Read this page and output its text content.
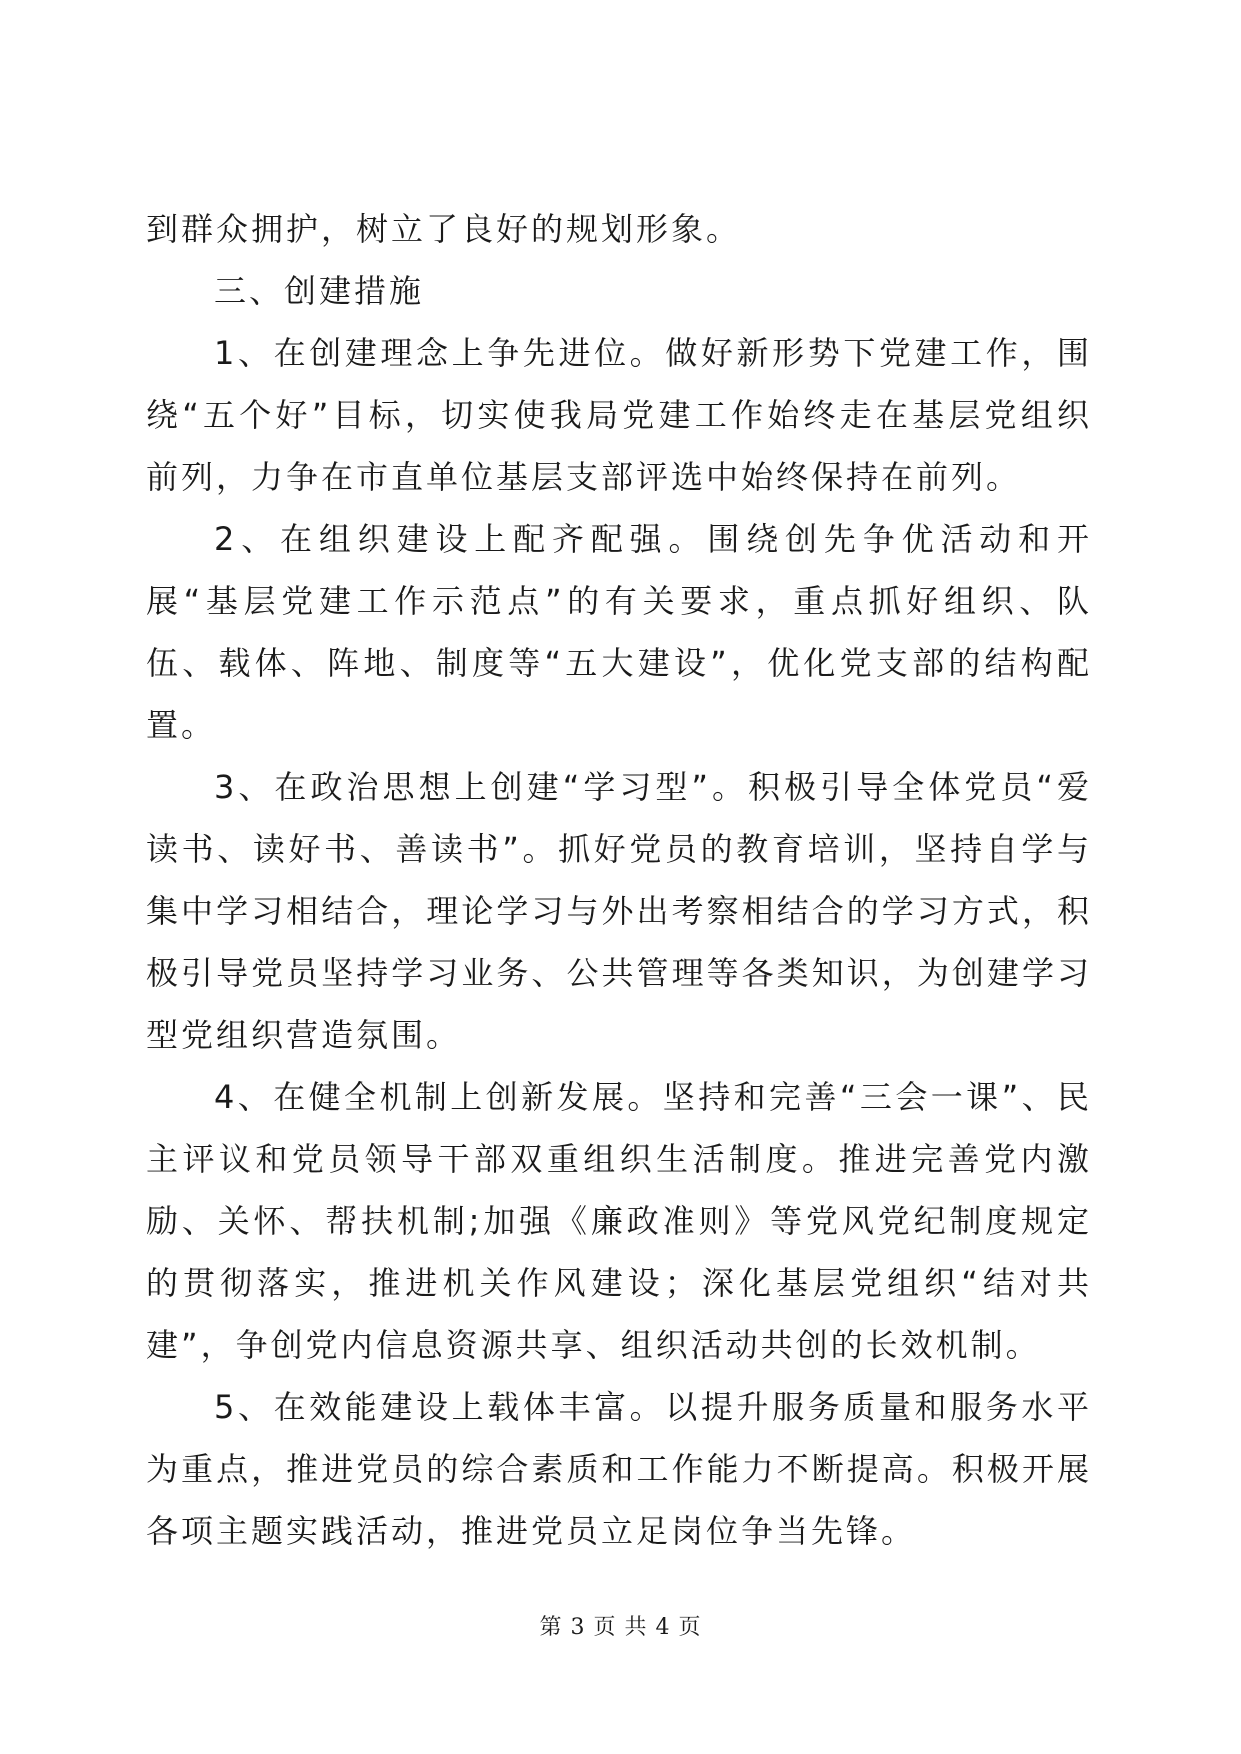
到群众拥护，树立了良好的规划形象。

三、创建措施

1、在创建理念上争先进位。做好新形势下党建工作，围绕“五个好”目标，切实使我局党建工作始终走在基层党组织前列，力争在市直单位基层支部评选中始终保持在前列。

2、在组织建设上配齐配强。围绕创先争优活动和开展“基层党建工作示范点”的有关要求，重点抓好组织、队伍、载体、阵地、制度等“五大建设”，优化党支部的结构配置。

3、在政治思想上创建“学习型”。积极引导全体党员“爱读书、读好书、善读书”。抓好党员的教育培训，坚持自学与集中学习相结合，理论学习与外出考察相结合的学习方式，积极引导党员坚持学习业务、公共管理等各类知识，为创建学习型党组织营造氛围。

4、在健全机制上创新发展。坚持和完善“三会一课”、民主评议和党员领导干部双重组织生活制度。推进完善党内激励、关怀、帮扶机制;加强《廉政准则》等党风党纪制度规定的贯彻落实，推进机关作风建设；深化基层党组织“结对共建”，争创党内信息资源共享、组织活动共创的长效机制。

5、在效能建设上载体丰富。以提升服务质量和服务水平为重点，推进党员的综合素质和工作能力不断提高。积极开展各项主题实践活动，推进党员立足岗位争当先锋。

第 3 页 共 4 页
